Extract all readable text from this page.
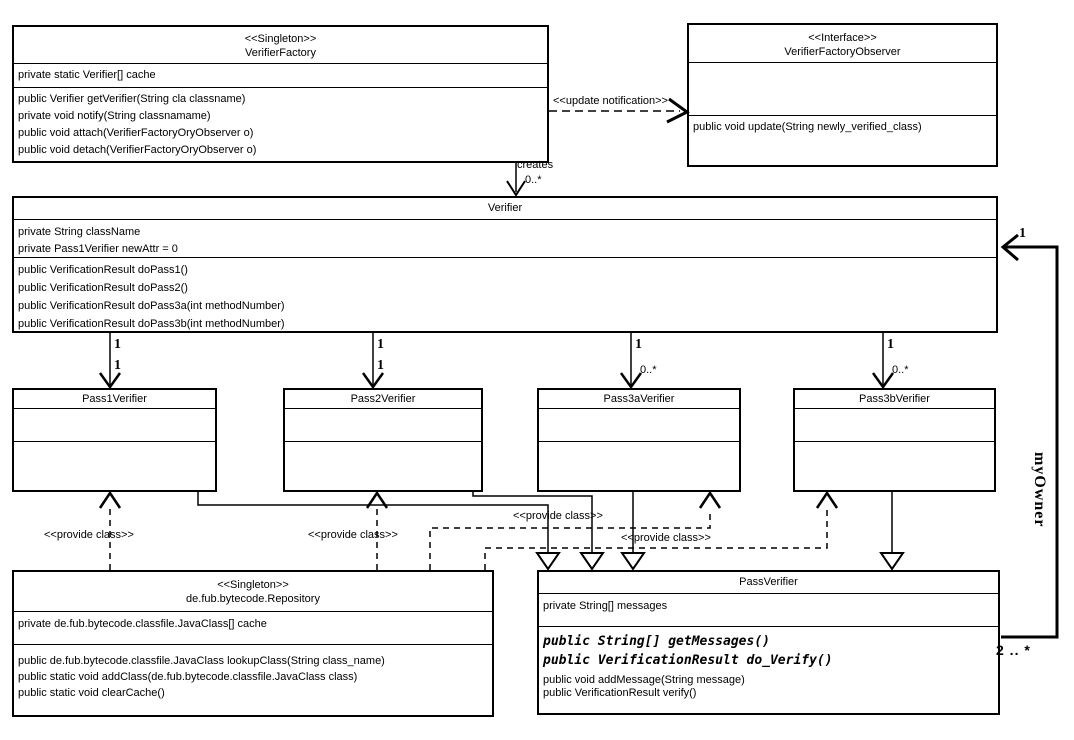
<<Singleton>>
VerifierFactory
private static Verifier[] cache
public Verifier getVerifier(String cla classname)
private void notify(String classnamame)
public void attach(VerifierFactoryOryObserver o)
public void detach(VerifierFactoryOryObserver o)
<<Interface>>
VerifierFactoryObserver
public void update(String newly_verified_class)
Verifier
private String className
private Pass1Verifier newAttr = 0
public VerificationResult doPass1()
public VerificationResult doPass2()
public VerificationResult doPass3a(int methodNumber)
public VerificationResult doPass3b(int methodNumber)
Pass1Verifier	Pass2Verifier	Pass3aVerifier	Pass3bVerifier
<<Singleton>>
de.fub.bytecode.Repository
private de.fub.bytecode.classfile.JavaClass[] cache
public de.fub.bytecode.classfile.JavaClass lookupClass(String class_name)
public static void addClass(de.fub.bytecode.classfile.JavaClass class)
public static void clearCache()
PassVerifier
private String[] messages
public String[] getMessages()
public VerificationResult do_Verify()
public void addMessage(String message)
public VerificationResult verify()
<<update notification>>
creates
0..*
1
1
1
1
1
0..*
1
0..*
<<provide class>>	<<provide class>>
<<provide class>>
<<provide class>>
1
myOwner
2 .. *
